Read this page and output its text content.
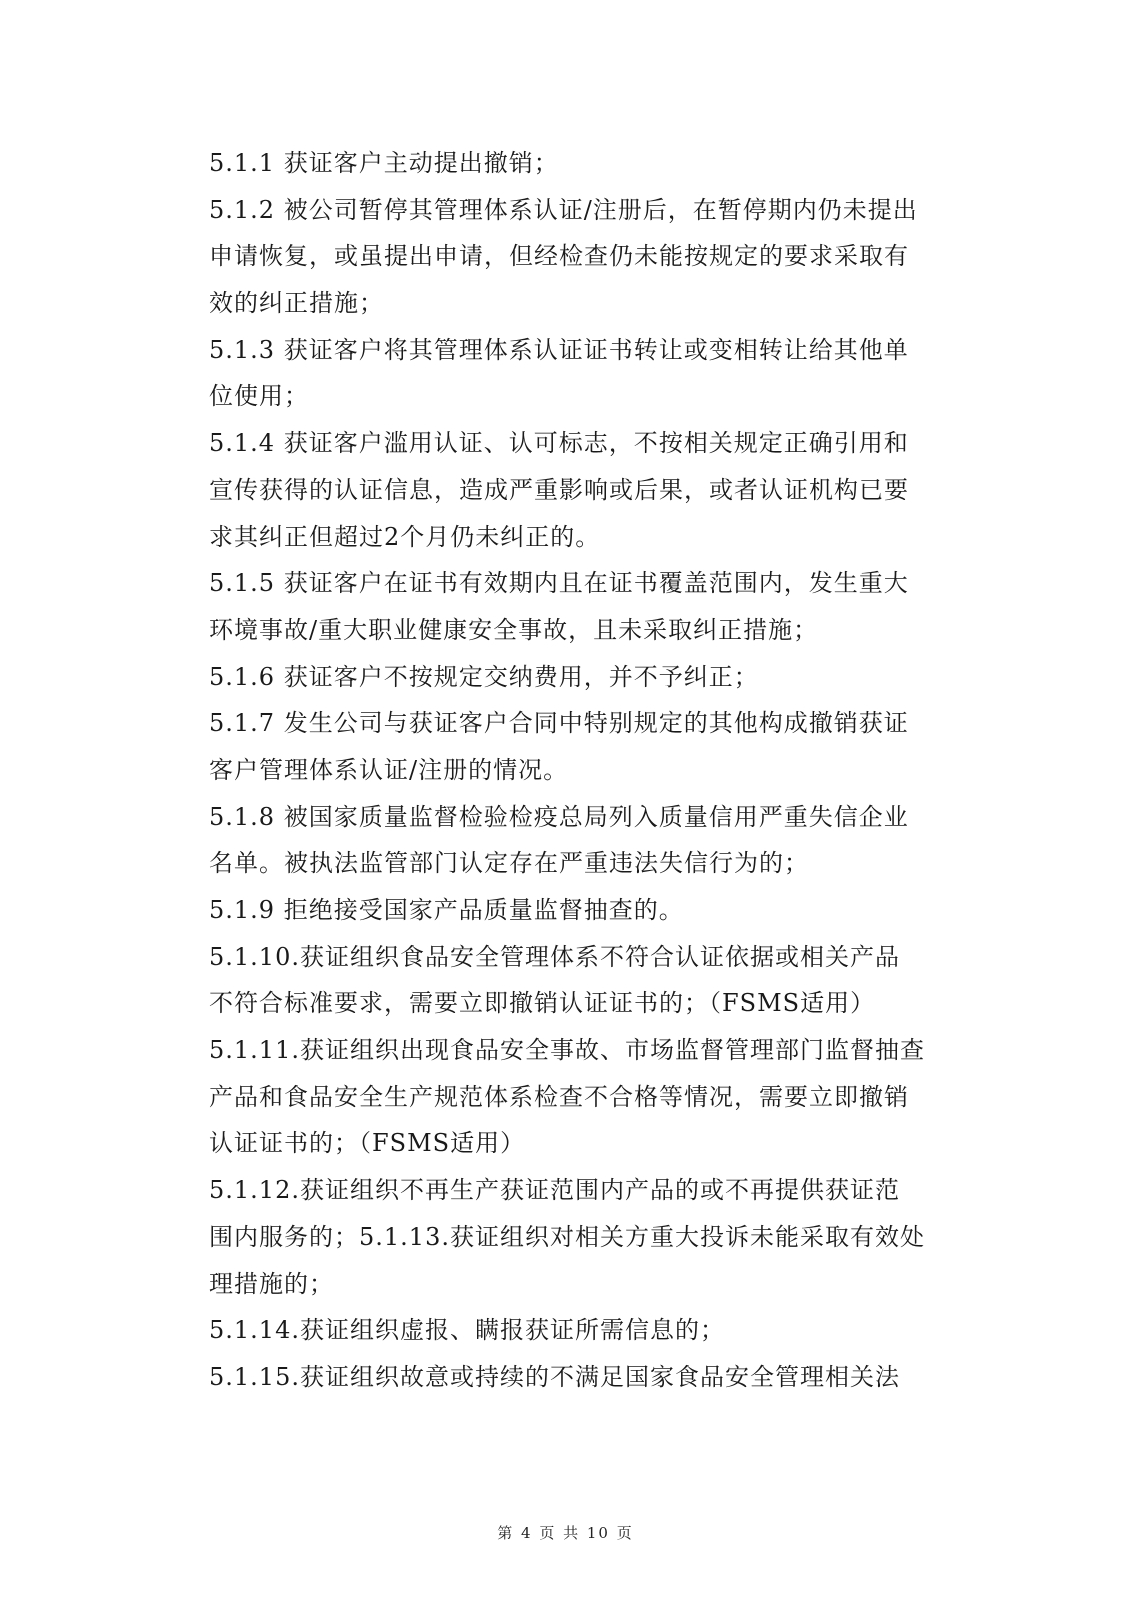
5.1.1 获证客户主动提出撤销；
5.1.2 被公司暂停其管理体系认证/注册后，在暂停期内仍未提出
申请恢复，或虽提出申请，但经检查仍未能按规定的要求采取有
效的纠正措施；
5.1.3 获证客户将其管理体系认证证书转让或变相转让给其他单
位使用；
5.1.4 获证客户滥用认证、认可标志，不按相关规定正确引用和
宣传获得的认证信息，造成严重影响或后果，或者认证机构已要
求其纠正但超过2个月仍未纠正的。
5.1.5 获证客户在证书有效期内且在证书覆盖范围内，发生重大
环境事故/重大职业健康安全事故，且未采取纠正措施；
5.1.6 获证客户不按规定交纳费用，并不予纠正；
5.1.7 发生公司与获证客户合同中特别规定的其他构成撤销获证
客户管理体系认证/注册的情况。
5.1.8 被国家质量监督检验检疫总局列入质量信用严重失信企业
名单。被执法监管部门认定存在严重违法失信行为的；
5.1.9 拒绝接受国家产品质量监督抽查的。
5.1.10.获证组织食品安全管理体系不符合认证依据或相关产品
不符合标准要求，需要立即撤销认证证书的；（FSMS适用）
5.1.11.获证组织出现食品安全事故、市场监督管理部门监督抽查
产品和食品安全生产规范体系检查不合格等情况，需要立即撤销
认证证书的；（FSMS适用）
5.1.12.获证组织不再生产获证范围内产品的或不再提供获证范
围内服务的；5.1.13.获证组织对相关方重大投诉未能采取有效处
理措施的；
5.1.14.获证组织虚报、瞒报获证所需信息的；
5.1.15.获证组织故意或持续的不满足国家食品安全管理相关法
第 4 页 共 10 页
